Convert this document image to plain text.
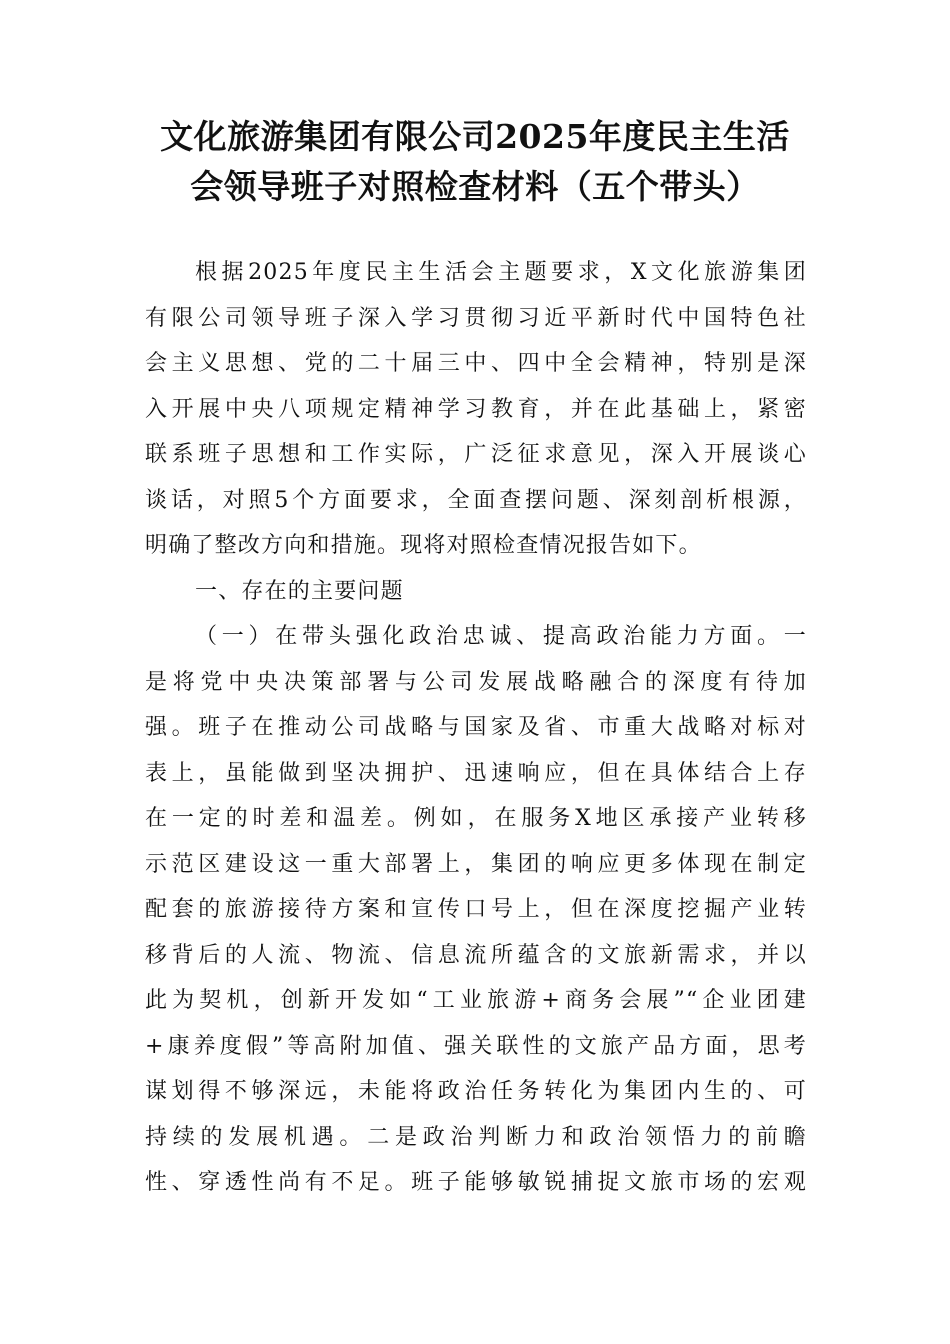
文化旅游集团有限公司2025年度民主生活
会领导班子对照检查材料（五个带头）
根据2025年度民主生活会主题要求，X文化旅游集团
有限公司领导班子深入学习贯彻习近平新时代中国特色社
会主义思想、党的二十届三中、四中全会精神，特别是深
入开展中央八项规定精神学习教育，并在此基础上，紧密
联系班子思想和工作实际，广泛征求意见，深入开展谈心
谈话，对照5个方面要求，全面查摆问题、深刻剖析根源，
明确了整改方向和措施。现将对照检查情况报告如下。
一、存在的主要问题
（一）在带头强化政治忠诚、提高政治能力方面。一
是将党中央决策部署与公司发展战略融合的深度有待加
强。班子在推动公司战略与国家及省、市重大战略对标对
表上，虽能做到坚决拥护、迅速响应，但在具体结合上存
在一定的时差和温差。例如，在服务X地区承接产业转移
示范区建设这一重大部署上，集团的响应更多体现在制定
配套的旅游接待方案和宣传口号上，但在深度挖掘产业转
移背后的人流、物流、信息流所蕴含的文旅新需求，并以
此为契机，创新开发如“工业旅游+商务会展”“企业团建
+康养度假”等高附加值、强关联性的文旅产品方面，思考
谋划得不够深远，未能将政治任务转化为集团内生的、可
持续的发展机遇。二是政治判断力和政治领悟力的前瞻
性、穿透性尚有不足。班子能够敏锐捕捉文旅市场的宏观
